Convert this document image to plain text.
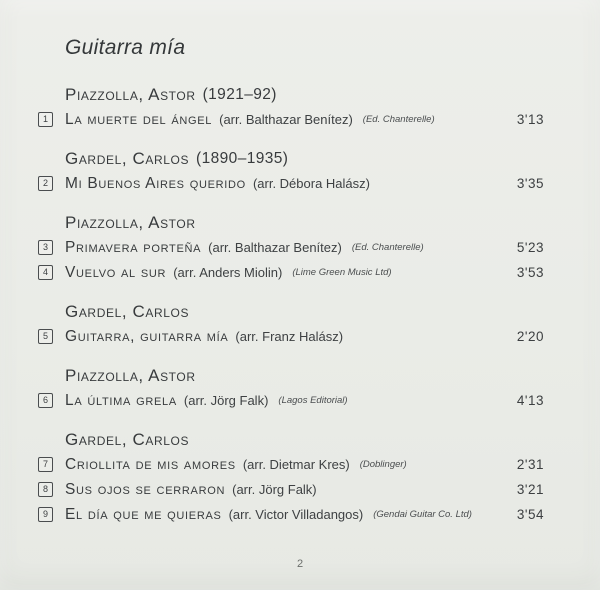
Guitarra mía
Piazzolla, Astor (1921–92)
1	La muerte del ángel (arr. Balthazar Benítez) (Ed. Chanterelle)	3'13
Gardel, Carlos (1890–1935)
2	Mi Buenos Aires querido (arr. Débora Halász)	3'35
Piazzolla, Astor
3	Primavera porteña (arr. Balthazar Benítez) (Ed. Chanterelle)	5'23
4	Vuelvo al sur (arr. Anders Miolin) (Lime Green Music Ltd)	3'53
Gardel, Carlos
5	Guitarra, guitarra mía (arr. Franz Halász)	2'20
Piazzolla, Astor
6	La última grela (arr. Jörg Falk) (Lagos Editorial)	4'13
Gardel, Carlos
7	Criollita de mis amores (arr. Dietmar Kres) (Doblinger)	2'31
8	Sus ojos se cerraron (arr. Jörg Falk)	3'21
9	El día que me quieras (arr. Victor Villadangos) (Gendai Guitar Co. Ltd)	3'54
2
